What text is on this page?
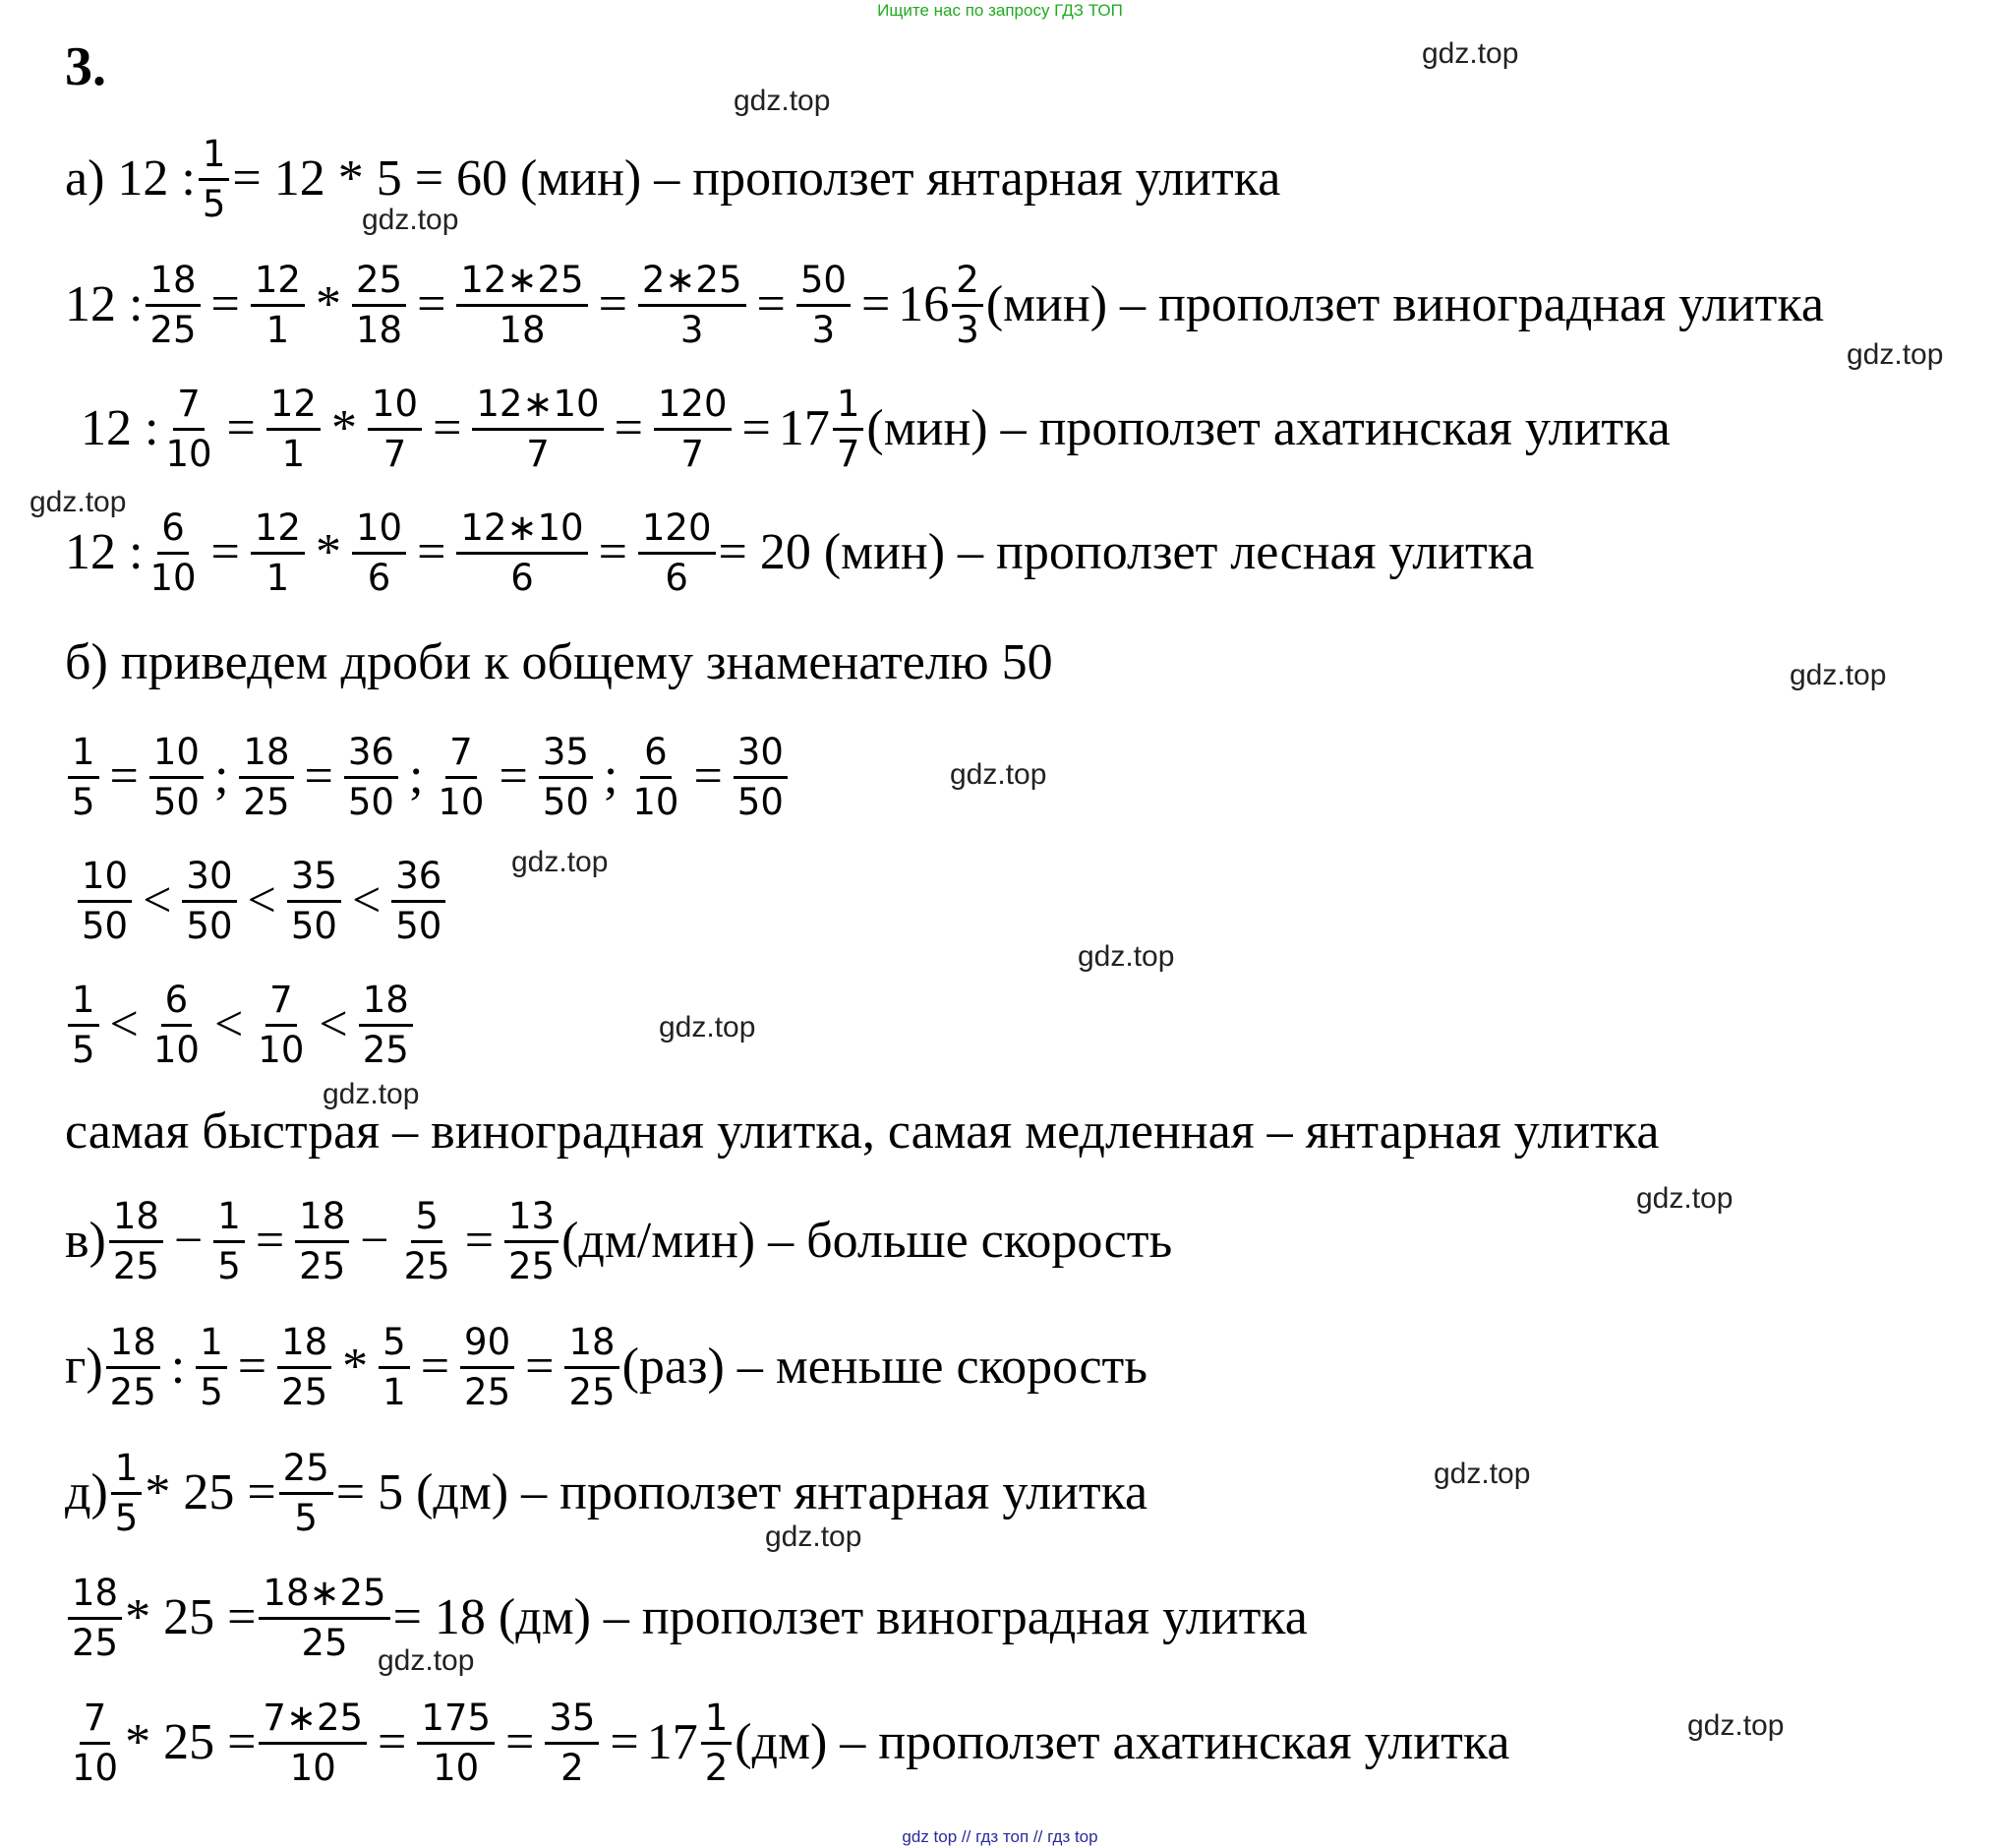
Ищите нас по запросу ГДЗ ТОП
3.
а) 12 : $\frac{1}{5} = 12 * 5 = 60$ (мин) – проползет янтарная улитка
12 : $\frac{18}{25} = \frac{12}{1} * \frac{25}{18} = \frac{12∗25}{18} = \frac{2∗25}{3} = \frac{50}{3} = 16 \frac{2}{3} (мин)$ – проползет виноградная улитка
12 : $\frac{7}{10} = \frac{12}{1} * \frac{10}{7} = \frac{12∗10}{7} = \frac{120}{7} = 17 \frac{1}{7} (мин)$ – проползет ахатинская улитка
12 : $\frac{6}{10} = \frac{12}{1} * \frac{10}{6} = \frac{12∗10}{6} = \frac{120}{6} = 20$ (мин) – проползет лесная улитка
б) приведем дроби к общему знаменателю 50
$\frac{1}{5} = \frac{10}{50}$ ; $\frac{18}{25} = \frac{36}{50}$ ; $\frac{7}{10} = \frac{35}{50}$ ; $\frac{6}{10} = \frac{30}{50}$
$\frac{10}{50} < \frac{30}{50} < \frac{35}{50} < \frac{36}{50}$
$\frac{1}{5} < \frac{6}{10} < \frac{7}{10} < \frac{18}{25}$
самая быстрая – виноградная улитка, самая медленная – янтарная улитка
$в) \frac{18}{25} - \frac{1}{5} = \frac{18}{25} - \frac{5}{25} = \frac{13}{25} (дм/мин)$ – больше скорость
$г) \frac{18}{25}$ : $\frac{1}{5} = \frac{18}{25} * \frac{5}{1} = \frac{90}{25} = \frac{18}{25} (раз)$ – меньше скорость
$д) \frac{1}{5} * 25 = \frac{25}{5} = 5$ (дм) – проползет янтарная улитка
$\frac{18}{25} * 25 = \frac{18∗25}{25} = 18$ (дм) – проползет виноградная улитка
$\frac{7}{10} * 25 = \frac{7∗25}{10} = \frac{175}{10} = \frac{35}{2} = 17 \frac{1}{2} (дм)$ – проползет ахатинская улитка
gdz.top
gdz.top
gdz.top
gdz.top
gdz.top
gdz.top
gdz.top
gdz.top
gdz.top
gdz.top
gdz.top
gdz.top
gdz.top
gdz.top
gdz.top
gdz.top
gdz top // гдз топ // гдз top
